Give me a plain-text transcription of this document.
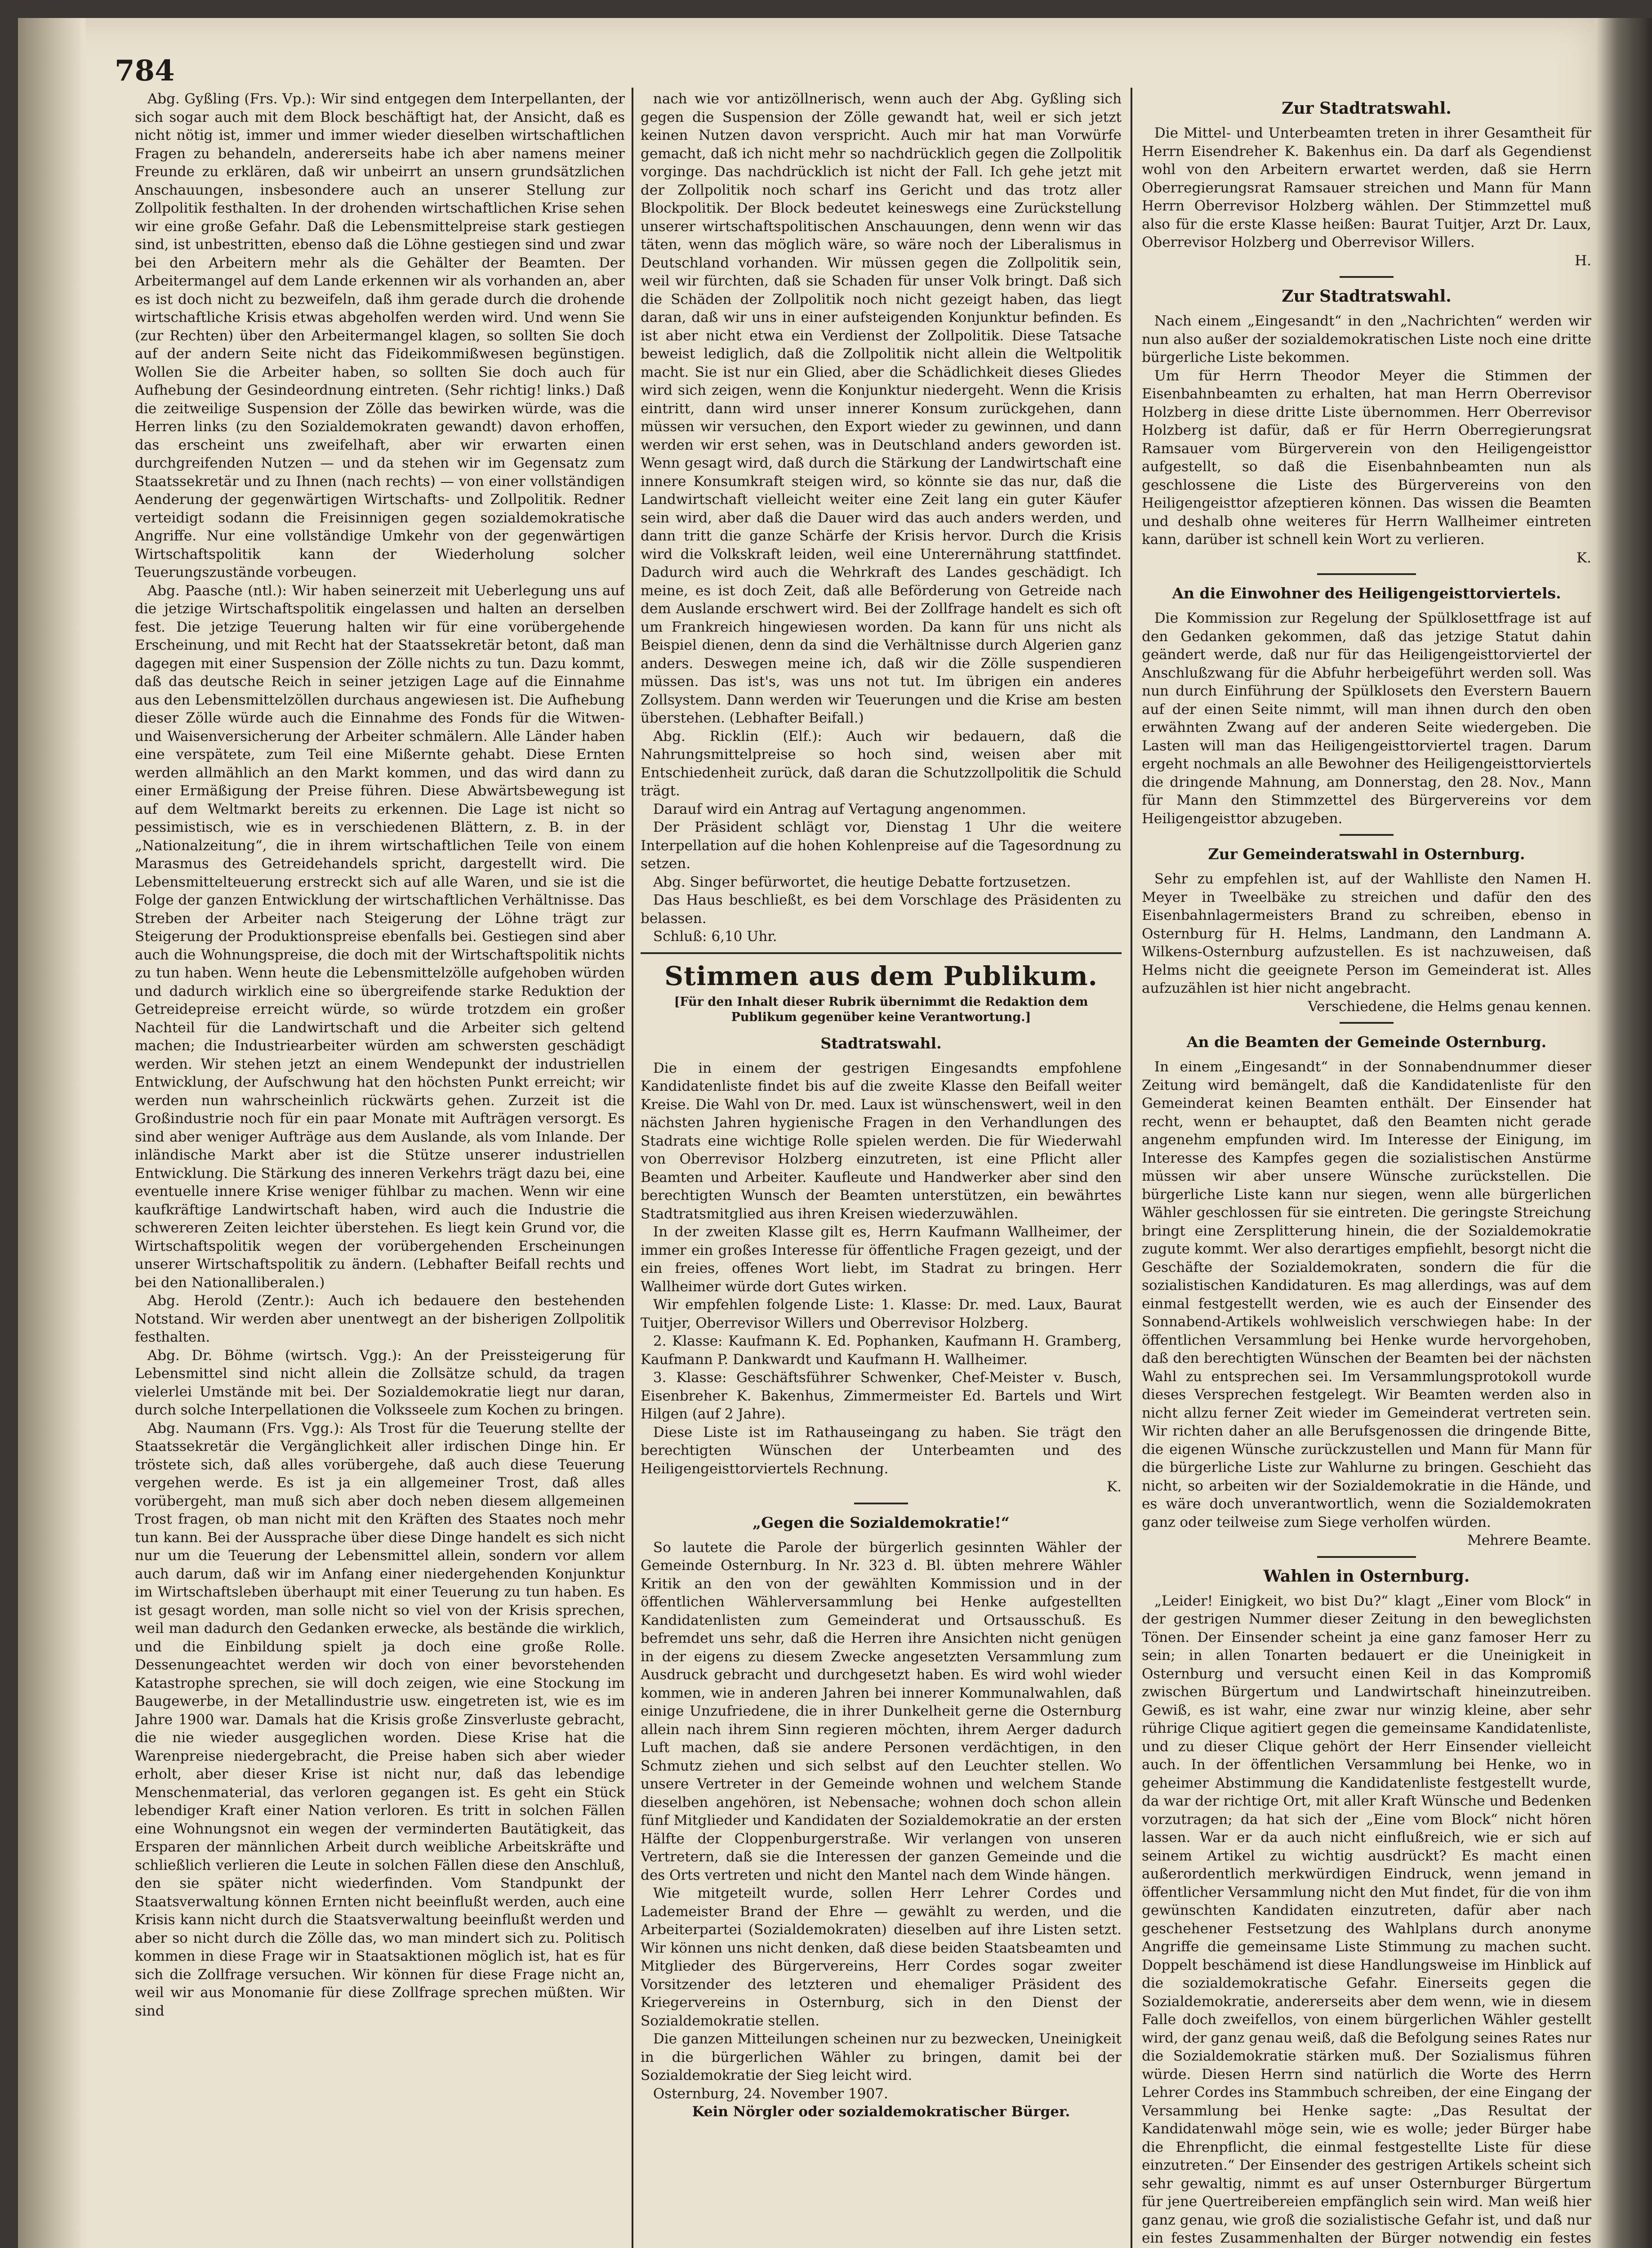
784

Abg. Gyßling (Frs. Vp.): Wir sind entgegen dem Interpellanten, der sich sogar auch mit dem Block beschäftigt hat, der Ansicht, daß es nicht nötig ist, immer und immer wieder dieselben wirtschaftlichen Fragen zu behandeln, andererseits habe ich aber namens meiner Freunde zu erklären, daß wir unbeirrt an unsern grundsätzlichen Anschauungen, insbesondere auch an unserer Stellung zur Zollpolitik festhalten. In der drohenden wirtschaftlichen Krise sehen wir eine große Gefahr. Daß die Lebensmittelpreise stark gestiegen sind, ist unbestritten, ebenso daß die Löhne gestiegen sind und zwar bei den Arbeitern mehr als die Gehälter der Beamten. Der Arbeitermangel auf dem Lande erkennen wir als vorhanden an, aber es ist doch nicht zu bezweifeln, daß ihm gerade durch die drohende wirtschaftliche Krisis etwas abgeholfen werden wird. Und wenn Sie (zur Rechten) über den Arbeitermangel klagen, so sollten Sie doch auf der andern Seite nicht das Fideikommißwesen begünstigen. Wollen Sie die Arbeiter haben, so sollten Sie doch auch für Aufhebung der Gesindeordnung eintreten. (Sehr richtig! links.) Daß die zeitweilige Suspension der Zölle das bewirken würde, was die Herren links (zu den Sozialdemokraten gewandt) davon erhoffen, das erscheint uns zweifelhaft, aber wir erwarten einen durchgreifenden Nutzen — und da stehen wir im Gegensatz zum Staatssekretär und zu Ihnen (nach rechts) — von einer vollständigen Aenderung der gegenwärtigen Wirtschafts- und Zollpolitik. Redner verteidigt sodann die Freisinnigen gegen sozialdemokratische Angriffe. Nur eine vollständige Umkehr von der gegenwärtigen Wirtschaftspolitik kann der Wiederholung solcher Teuerungszustände vorbeugen.

Abg. Paasche (ntl.): Wir haben seinerzeit mit Ueberlegung uns auf die jetzige Wirtschaftspolitik eingelassen und halten an derselben fest. Die jetzige Teuerung halten wir für eine vorübergehende Erscheinung, und mit Recht hat der Staatssekretär betont, daß man dagegen mit einer Suspension der Zölle nichts zu tun. Dazu kommt, daß das deutsche Reich in seiner jetzigen Lage auf die Einnahme aus den Lebensmittelzöllen durchaus angewiesen ist. Die Aufhebung dieser Zölle würde auch die Einnahme des Fonds für die Witwen- und Waisenversicherung der Arbeiter schmälern. Alle Länder haben eine verspätete, zum Teil eine Mißernte gehabt. Diese Ernten werden allmählich an den Markt kommen, und das wird dann zu einer Ermäßigung der Preise führen. Diese Abwärtsbewegung ist auf dem Weltmarkt bereits zu erkennen. Die Lage ist nicht so pessimistisch, wie es in verschiedenen Blättern, z. B. in der „Nationalzeitung“, die in ihrem wirtschaftlichen Teile von einem Marasmus des Getreidehandels spricht, dargestellt wird. Die Lebensmittelteuerung erstreckt sich auf alle Waren, und sie ist die Folge der ganzen Entwicklung der wirtschaftlichen Verhältnisse. Das Streben der Arbeiter nach Steigerung der Löhne trägt zur Steigerung der Produktionspreise ebenfalls bei. Gestiegen sind aber auch die Wohnungspreise, die doch mit der Wirtschaftspolitik nichts zu tun haben. Wenn heute die Lebensmittelzölle aufgehoben würden und dadurch wirklich eine so übergreifende starke Reduktion der Getreidepreise erreicht würde, so würde trotzdem ein großer Nachteil für die Landwirtschaft und die Arbeiter sich geltend machen; die Industriearbeiter würden am schwersten geschädigt werden. Wir stehen jetzt an einem Wendepunkt der industriellen Entwicklung, der Aufschwung hat den höchsten Punkt erreicht; wir werden nun wahrscheinlich rückwärts gehen. Zurzeit ist die Großindustrie noch für ein paar Monate mit Aufträgen versorgt. Es sind aber weniger Aufträge aus dem Auslande, als vom Inlande. Der inländische Markt aber ist die Stütze unserer industriellen Entwicklung. Die Stärkung des inneren Verkehrs trägt dazu bei, eine eventuelle innere Krise weniger fühlbar zu machen. Wenn wir eine kaufkräftige Landwirtschaft haben, wird auch die Industrie die schwereren Zeiten leichter überstehen. Es liegt kein Grund vor, die Wirtschaftspolitik wegen der vorübergehenden Erscheinungen unserer Wirtschaftspolitik zu ändern. (Lebhafter Beifall rechts und bei den Nationalliberalen.)

Abg. Herold (Zentr.): Auch ich bedauere den bestehenden Notstand. Wir werden aber unentwegt an der bisherigen Zollpolitik festhalten.

Abg. Dr. Böhme (wirtsch. Vgg.): An der Preissteigerung für Lebensmittel sind nicht allein die Zollsätze schuld, da tragen vielerlei Umstände mit bei. Der Sozialdemokratie liegt nur daran, durch solche Interpellationen die Volksseele zum Kochen zu bringen.

Abg. Naumann (Frs. Vgg.): Als Trost für die Teuerung stellte der Staatssekretär die Vergänglichkeit aller irdischen Dinge hin. Er tröstete sich, daß alles vorübergehe, daß auch diese Teuerung vergehen werde. Es ist ja ein allgemeiner Trost, daß alles vorübergeht, man muß sich aber doch neben diesem allgemeinen Trost fragen, ob man nicht mit den Kräften des Staates noch mehr tun kann. Bei der Aussprache über diese Dinge handelt es sich nicht nur um die Teuerung der Lebensmittel allein, sondern vor allem auch darum, daß wir im Anfang einer niedergehenden Konjunktur im Wirtschaftsleben überhaupt mit einer Teuerung zu tun haben. Es ist gesagt worden, man solle nicht so viel von der Krisis sprechen, weil man dadurch den Gedanken erwecke, als bestände die wirklich, und die Einbildung spielt ja doch eine große Rolle. Dessenungeachtet werden wir doch von einer bevorstehenden Katastrophe sprechen, sie will doch zeigen, wie eine Stockung im Baugewerbe, in der Metallindustrie usw. eingetreten ist, wie es im Jahre 1900 war. Damals hat die Krisis große Zinsverluste gebracht, die nie wieder ausgeglichen worden. Diese Krise hat die Warenpreise niedergebracht, die Preise haben sich aber wieder erholt, aber dieser Krise ist nicht nur, daß das lebendige Menschenmaterial, das verloren gegangen ist. Es geht ein Stück lebendiger Kraft einer Nation verloren. Es tritt in solchen Fällen eine Wohnungsnot ein wegen der verminderten Bautätigkeit, das Ersparen der männlichen Arbeit durch weibliche Arbeitskräfte und schließlich verlieren die Leute in solchen Fällen diese den Anschluß, den sie später nicht wiederfinden. Vom Standpunkt der Staatsverwaltung können Ernten nicht beeinflußt werden, auch eine Krisis kann nicht durch die Staatsverwaltung beeinflußt werden und aber so nicht durch die Zölle das, wo man mindert sich zu. Politisch kommen in diese Frage wir in Staatsaktionen möglich ist, hat es für sich die Zollfrage versuchen. Wir können für diese Frage nicht an, weil wir aus Monomanie für diese Zollfrage sprechen müßten. Wir sind

nach wie vor antizöllnerisch, wenn auch der Abg. Gyßling sich gegen die Suspension der Zölle gewandt hat, weil er sich jetzt keinen Nutzen davon verspricht. Auch mir hat man Vorwürfe gemacht, daß ich nicht mehr so nachdrücklich gegen die Zollpolitik vorginge. Das nachdrücklich ist nicht der Fall. Ich gehe jetzt mit der Zollpolitik noch scharf ins Gericht und das trotz aller Blockpolitik. Der Block bedeutet keineswegs eine Zurückstellung unserer wirtschaftspolitischen Anschauungen, denn wenn wir das täten, wenn das möglich wäre, so wäre noch der Liberalismus in Deutschland vorhanden. Wir müssen gegen die Zollpolitik sein, weil wir fürchten, daß sie Schaden für unser Volk bringt. Daß sich die Schäden der Zollpolitik noch nicht gezeigt haben, das liegt daran, daß wir uns in einer aufsteigenden Konjunktur befinden. Es ist aber nicht etwa ein Verdienst der Zollpolitik. Diese Tatsache beweist lediglich, daß die Zollpolitik nicht allein die Weltpolitik macht. Sie ist nur ein Glied, aber die Schädlichkeit dieses Gliedes wird sich zeigen, wenn die Konjunktur niedergeht. Wenn die Krisis eintritt, dann wird unser innerer Konsum zurückgehen, dann müssen wir versuchen, den Export wieder zu gewinnen, und dann werden wir erst sehen, was in Deutschland anders geworden ist. Wenn gesagt wird, daß durch die Stärkung der Landwirtschaft eine innere Konsumkraft steigen wird, so könnte sie das nur, daß die Landwirtschaft vielleicht weiter eine Zeit lang ein guter Käufer sein wird, aber daß die Dauer wird das auch anders werden, und dann tritt die ganze Schärfe der Krisis hervor. Durch die Krisis wird die Volkskraft leiden, weil eine Unterernährung stattfindet. Dadurch wird auch die Wehrkraft des Landes geschädigt. Ich meine, es ist doch Zeit, daß alle Beförderung von Getreide nach dem Auslande erschwert wird. Bei der Zollfrage handelt es sich oft um Frankreich hingewiesen worden. Da kann für uns nicht als Beispiel dienen, denn da sind die Verhältnisse durch Algerien ganz anders. Deswegen meine ich, daß wir die Zölle suspendieren müssen. Das ist's, was uns not tut. Im übrigen ein anderes Zollsystem. Dann werden wir Teuerungen und die Krise am besten überstehen. (Lebhafter Beifall.)

Abg. Ricklin (Elf.): Auch wir bedauern, daß die Nahrungsmittelpreise so hoch sind, weisen aber mit Entschiedenheit zurück, daß daran die Schutzzollpolitik die Schuld trägt.

Darauf wird ein Antrag auf Vertagung angenommen.

Der Präsident schlägt vor, Dienstag 1 Uhr die weitere Interpellation auf die hohen Kohlenpreise auf die Tagesordnung zu setzen.

Abg. Singer befürwortet, die heutige Debatte fortzusetzen.

Das Haus beschließt, es bei dem Vorschlage des Präsidenten zu belassen.

Schluß: 6,10 Uhr.

Stimmen aus dem Publikum.
[Für den Inhalt dieser Rubrik übernimmt die Redaktion dem Publikum gegenüber keine Verantwortung.]
Stadtratswahl.

Die in einem der gestrigen Eingesandts empfohlene Kandidatenliste findet bis auf die zweite Klasse den Beifall weiter Kreise. Die Wahl von Dr. med. Laux ist wünschenswert, weil in den nächsten Jahren hygienische Fragen in den Verhandlungen des Stadrats eine wichtige Rolle spielen werden. Die für Wiederwahl von Oberrevisor Holzberg einzutreten, ist eine Pflicht aller Beamten und Arbeiter. Kaufleute und Handwerker aber sind den berechtigten Wunsch der Beamten unterstützen, ein bewährtes Stadtratsmitglied aus ihren Kreisen wiederzuwählen.

In der zweiten Klasse gilt es, Herrn Kaufmann Wallheimer, der immer ein großes Interesse für öffentliche Fragen gezeigt, und der ein freies, offenes Wort liebt, im Stadrat zu bringen. Herr Wallheimer würde dort Gutes wirken.

Wir empfehlen folgende Liste: 1. Klasse: Dr. med. Laux, Baurat Tuitjer, Oberrevisor Willers und Oberrevisor Holzberg.

2. Klasse: Kaufmann K. Ed. Pophanken, Kaufmann H. Gramberg, Kaufmann P. Dankwardt und Kaufmann H. Wallheimer.

3. Klasse: Geschäftsführer Schwenker, Chef-Meister v. Busch, Eisenbreher K. Bakenhus, Zimmermeister Ed. Bartels und Wirt Hilgen (auf 2 Jahre).

Diese Liste ist im Rathauseingang zu haben. Sie trägt den berechtigten Wünschen der Unterbeamten und des Heiligengeisttorviertels Rechnung.

K.

„Gegen die Sozialdemokratie!“

So lautete die Parole der bürgerlich gesinnten Wähler der Gemeinde Osternburg. In Nr. 323 d. Bl. übten mehrere Wähler Kritik an den von der gewählten Kommission und in der öffentlichen Wählerversammlung bei Henke aufgestellten Kandidatenlisten zum Gemeinderat und Ortsausschuß. Es befremdet uns sehr, daß die Herren ihre Ansichten nicht genügen in der eigens zu diesem Zwecke angesetzten Versammlung zum Ausdruck gebracht und durchgesetzt haben. Es wird wohl wieder kommen, wie in anderen Jahren bei innerer Kommunalwahlen, daß einige Unzufriedene, die in ihrer Dunkelheit gerne die Osternburg allein nach ihrem Sinn regieren möchten, ihrem Aerger dadurch Luft machen, daß sie andere Personen verdächtigen, in den Schmutz ziehen und sich selbst auf den Leuchter stellen. Wo unsere Vertreter in der Gemeinde wohnen und welchem Stande dieselben angehören, ist Nebensache; wohnen doch schon allein fünf Mitglieder und Kandidaten der Sozialdemokratie an der ersten Hälfte der Cloppenburgerstraße. Wir verlangen von unseren Vertretern, daß sie die Interessen der ganzen Gemeinde und die des Orts vertreten und nicht den Mantel nach dem Winde hängen.

Wie mitgeteilt wurde, sollen Herr Lehrer Cordes und Lademeister Brand der Ehre — gewählt zu werden, und die Arbeiterpartei (Sozialdemokraten) dieselben auf ihre Listen setzt. Wir können uns nicht denken, daß diese beiden Staatsbeamten und Mitglieder des Bürgervereins, Herr Cordes sogar zweiter Vorsitzender des letzteren und ehemaliger Präsident des Kriegervereins in Osternburg, sich in den Dienst der Sozialdemokratie stellen.

Die ganzen Mitteilungen scheinen nur zu bezwecken, Uneinigkeit in die bürgerlichen Wähler zu bringen, damit bei der Sozialdemokratie der Sieg leicht wird.

Osternburg, 24. November 1907.

Kein Nörgler oder sozialdemokratischer Bürger.

Zur Stadtratswahl.

Die Mittel- und Unterbeamten treten in ihrer Gesamtheit für Herrn Eisendreher K. Bakenhus ein. Da darf als Gegendienst wohl von den Arbeitern erwartet werden, daß sie Herrn Oberregierungsrat Ramsauer streichen und Mann für Mann Herrn Oberrevisor Holzberg wählen. Der Stimmzettel muß also für die erste Klasse heißen: Baurat Tuitjer, Arzt Dr. Laux, Oberrevisor Holzberg und Oberrevisor Willers.

H.

Zur Stadtratswahl.

Nach einem „Eingesandt“ in den „Nachrichten“ werden wir nun also außer der sozialdemokratischen Liste noch eine dritte bürgerliche Liste bekommen.

Um für Herrn Theodor Meyer die Stimmen der Eisenbahnbeamten zu erhalten, hat man Herrn Oberrevisor Holzberg in diese dritte Liste übernommen. Herr Oberrevisor Holzberg ist dafür, daß er für Herrn Oberregierungsrat Ramsauer vom Bürgerverein von den Heiligengeisttor aufgestellt, so daß die Eisenbahnbeamten nun als geschlossene die Liste des Bürgervereins von den Heiligengeisttor afzeptieren können. Das wissen die Beamten und deshalb ohne weiteres für Herrn Wallheimer eintreten kann, darüber ist schnell kein Wort zu verlieren.

K.

An die Einwohner des Heiligengeisttorviertels.

Die Kommission zur Regelung der Spülklosettfrage ist auf den Gedanken gekommen, daß das jetzige Statut dahin geändert werde, daß nur für das Heiligengeisttorviertel der Anschlußzwang für die Abfuhr herbeigeführt werden soll. Was nun durch Einführung der Spülklosets den Everstern Bauern auf der einen Seite nimmt, will man ihnen durch den oben erwähnten Zwang auf der anderen Seite wiedergeben. Die Lasten will man das Heiligengeisttorviertel tragen. Darum ergeht nochmals an alle Bewohner des Heiligengeisttorviertels die dringende Mahnung, am Donnerstag, den 28. Nov., Mann für Mann den Stimmzettel des Bürgervereins vor dem Heiligengeisttor abzugeben.

Zur Gemeinderatswahl in Osternburg.

Sehr zu empfehlen ist, auf der Wahlliste den Namen H. Meyer in Tweelbäke zu streichen und dafür den des Eisenbahnlagermeisters Brand zu schreiben, ebenso in Osternburg für H. Helms, Landmann, den Landmann A. Wilkens-Osternburg aufzustellen. Es ist nachzuweisen, daß Helms nicht die geeignete Person im Gemeinderat ist. Alles aufzuzählen ist hier nicht angebracht.

Verschiedene, die Helms genau kennen.

An die Beamten der Gemeinde Osternburg.

In einem „Eingesandt“ in der Sonnabendnummer dieser Zeitung wird bemängelt, daß die Kandidatenliste für den Gemeinderat keinen Beamten enthält. Der Einsender hat recht, wenn er behauptet, daß den Beamten nicht gerade angenehm empfunden wird. Im Interesse der Einigung, im Interesse des Kampfes gegen die sozialistischen Anstürme müssen wir aber unsere Wünsche zurückstellen. Die bürgerliche Liste kann nur siegen, wenn alle bürgerlichen Wähler geschlossen für sie eintreten. Die geringste Streichung bringt eine Zersplitterung hinein, die der Sozialdemokratie zugute kommt. Wer also derartiges empfiehlt, besorgt nicht die Geschäfte der Sozialdemokraten, sondern die für die sozialistischen Kandidaturen. Es mag allerdings, was auf dem einmal festgestellt werden, wie es auch der Einsender des Sonnabend-Artikels wohlweislich verschwiegen habe: In der öffentlichen Versammlung bei Henke wurde hervorgehoben, daß den berechtigten Wünschen der Beamten bei der nächsten Wahl zu entsprechen sei. Im Versammlungsprotokoll wurde dieses Versprechen festgelegt. Wir Beamten werden also in nicht allzu ferner Zeit wieder im Gemeinderat vertreten sein. Wir richten daher an alle Berufsgenossen die dringende Bitte, die eigenen Wünsche zurückzustellen und Mann für Mann für die bürgerliche Liste zur Wahlurne zu bringen. Geschieht das nicht, so arbeiten wir der Sozialdemokratie in die Hände, und es wäre doch unverantwortlich, wenn die Sozialdemokraten ganz oder teilweise zum Siege verholfen würden.

Mehrere Beamte.

Wahlen in Osternburg.

„Leider! Einigkeit, wo bist Du?“ klagt „Einer vom Block“ in der gestrigen Nummer dieser Zeitung in den beweglichsten Tönen. Der Einsender scheint ja eine ganz famoser Herr zu sein; in allen Tonarten bedauert er die Uneinigkeit in Osternburg und versucht einen Keil in das Kompromiß zwischen Bürgertum und Landwirtschaft hineinzutreiben. Gewiß, es ist wahr, eine zwar nur winzig kleine, aber sehr rührige Clique agitiert gegen die gemeinsame Kandidatenliste, und zu dieser Clique gehört der Herr Einsender vielleicht auch. In der öffentlichen Versammlung bei Henke, wo in geheimer Abstimmung die Kandidatenliste festgestellt wurde, da war der richtige Ort, mit aller Kraft Wünsche und Bedenken vorzutragen; da hat sich der „Eine vom Block“ nicht hören lassen. War er da auch nicht einflußreich, wie er sich auf seinem Artikel zu wichtig ausdrückt? Es macht einen außerordentlich merkwürdigen Eindruck, wenn jemand in öffentlicher Versammlung nicht den Mut findet, für die von ihm gewünschten Kandidaten einzutreten, dafür aber nach geschehener Festsetzung des Wahlplans durch anonyme Angriffe die gemeinsame Liste Stimmung zu machen sucht. Doppelt beschämend ist diese Handlungsweise im Hinblick auf die sozialdemokratische Gefahr. Einerseits gegen die Sozialdemokratie, andererseits aber dem wenn, wie in diesem Falle doch zweifellos, von einem bürgerlichen Wähler gestellt wird, der ganz genau weiß, daß die Befolgung seines Rates nur die Sozialdemokratie stärken muß. Der Sozialismus führen würde. Diesen Herrn sind natürlich die Worte des Herrn Lehrer Cordes ins Stammbuch schreiben, der eine Eingang der Versammlung bei Henke sagte: „Das Resultat der Kandidatenwahl möge sein, wie es wolle; jeder Bürger habe die Ehrenpflicht, die einmal festgestellte Liste für diese einzutreten.“ Der Einsender des gestrigen Artikels scheint sich sehr gewaltig, nimmt es auf unser Osternburger Bürgertum für jene Quertreibereien empfänglich sein wird. Man weiß hier ganz genau, wie groß die sozialistische Gefahr ist, und daß nur ein festes Zusammenhalten der Bürger notwendig ein festes
